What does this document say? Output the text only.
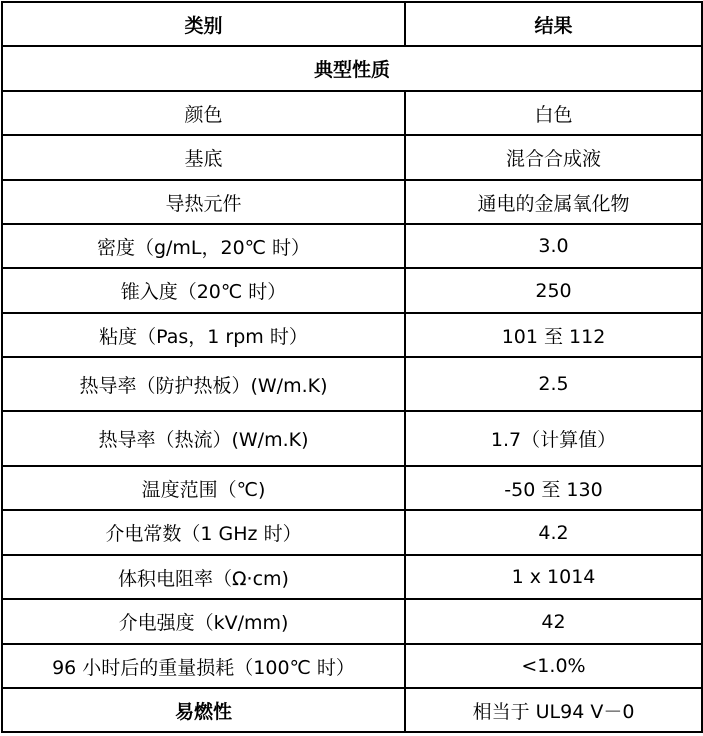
类别	结果
典型性质	
颜色	白色
基底	混合合成液
导热元件	通电的金属氧化物
密度（g/mL，20℃ 时）	3.0
锥入度（20℃ 时）	250
粘度（Pas，1 rpm 时）	101 至 112
热导率（防护热板）(W/m.K)	2.5
热导率（热流）(W/m.K)	1.7（计算值）
温度范围（℃)	-50 至 130
介电常数（1 GHz 时）	4.2
体积电阻率（Ω·cm)	1 x 1014
介电强度（kV/mm)	42
96 小时后的重量损耗（100℃ 时）	<1.0%
易燃性	相当于 UL94 V－0
